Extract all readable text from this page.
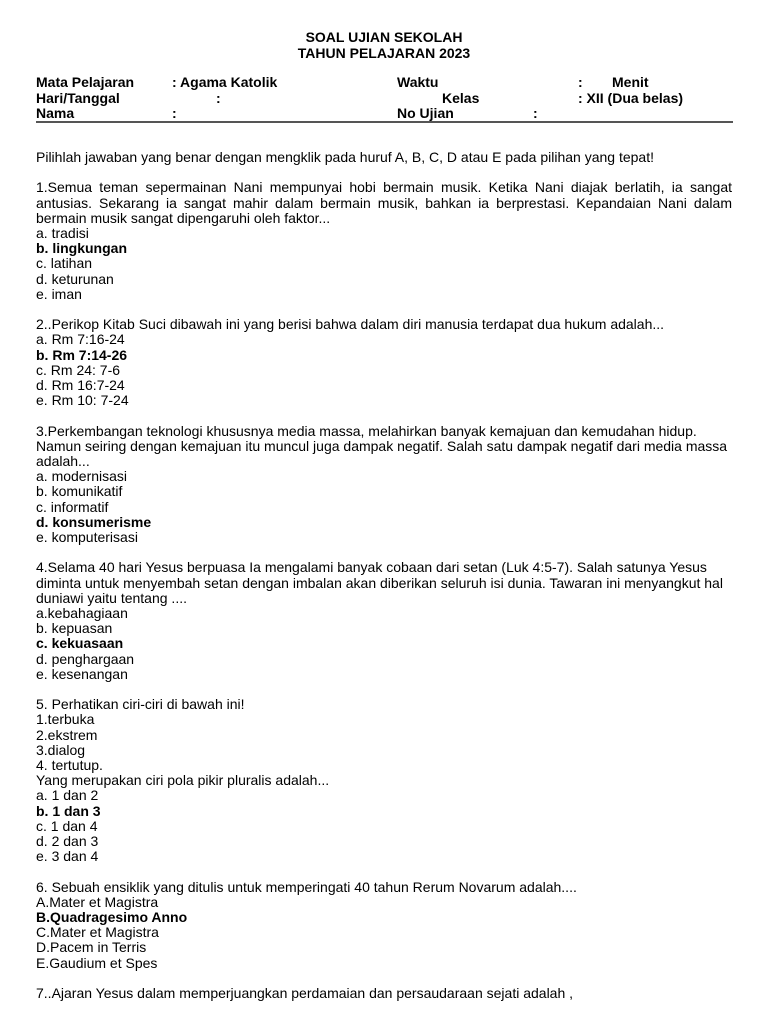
SOAL UJIAN SEKOLAH
TAHUN PELAJARAN 2023
Mata Pelajaran	: Agama Katolik	Waktu	: Menit
Hari/Tanggal	:	Kelas	: XII (Dua belas)
Nama	:	No Ujian	:

Pilihlah jawaban yang benar dengan mengklik pada huruf A, B, C, D atau E pada pilihan yang tepat!

1.Semua teman sepermainan Nani mempunyai hobi bermain musik. Ketika Nani diajak berlatih, ia sangat antusias. Sekarang ia sangat mahir dalam bermain musik, bahkan ia berprestasi. Kepandaian Nani dalam bermain musik sangat dipengaruhi oleh faktor...

a. tradisi

b. lingkungan

c. latihan

d. keturunan

e. iman

2..Perikop Kitab Suci dibawah ini yang berisi bahwa dalam diri manusia terdapat dua hukum adalah...

a. Rm 7:16-24

b. Rm 7:14-26

c. Rm 24: 7-6

d. Rm 16:7-24

e. Rm 10: 7-24

3.Perkembangan teknologi khususnya media massa, melahirkan banyak kemajuan dan kemudahan hidup. Namun seiring dengan kemajuan itu muncul juga dampak negatif. Salah satu dampak negatif dari media massa adalah...

a. modernisasi

b. komunikatif

c. informatif

d. konsumerisme

e. komputerisasi

4.Selama 40 hari Yesus berpuasa Ia mengalami banyak cobaan dari setan (Luk 4:5-7). Salah satunya Yesus diminta untuk menyembah setan dengan imbalan akan diberikan seluruh isi dunia. Tawaran ini menyangkut hal duniawi yaitu tentang ....

a.kebahagiaan

b. kepuasan

c. kekuasaan

d. penghargaan

e. kesenangan

5. Perhatikan ciri-ciri di bawah ini!

1.terbuka

2.ekstrem

3.dialog

4. tertutup.

Yang merupakan ciri pola pikir pluralis adalah...

a. 1 dan 2

b. 1 dan 3

c. 1 dan 4

d. 2 dan 3

e. 3 dan 4

6. Sebuah ensiklik yang ditulis untuk memperingati 40 tahun Rerum Novarum adalah....

A.Mater et Magistra

B.Quadragesimo Anno

C.Mater et Magistra

D.Pacem in Terris

E.Gaudium et Spes

7..Ajaran Yesus dalam memperjuangkan perdamaian dan persaudaraan sejati adalah ,
